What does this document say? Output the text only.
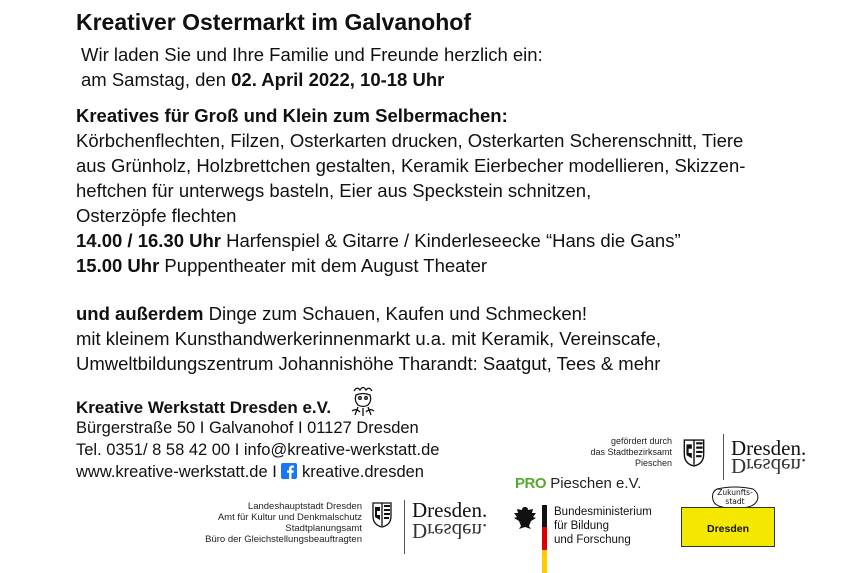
Kreativer Ostermarkt im Galvanohof
Wir laden Sie und Ihre Familie und Freunde herzlich ein:
am Samstag, den 02. April 2022, 10-18 Uhr
Kreatives für Groß und Klein zum Selbermachen:
Körbchenflechten, Filzen, Osterkarten drucken, Osterkarten Scherenschnitt, Tiere
aus Grünholz, Holzbrettchen gestalten, Keramik Eierbecher modellieren, Skizzen-
heftchen für unterwegs basteln, Eier aus Speckstein schnitzen,
Osterzöpfe flechten
14.00 / 16.30 Uhr Harfenspiel & Gitarre / Kinderleseecke “Hans die Gans”
15.00 Uhr Puppentheater mit dem August Theater
und außerdem Dinge zum Schauen, Kaufen und Schmecken!
mit kleinem Kunsthandwerkerinnenmarkt u.a. mit Keramik, Vereinscafe,
Umweltbildungszentrum Johannishöhe Tharandt: Saatgut, Tees & mehr
Kreative Werkstatt Dresden e.V.
Bürgerstraße 50 I Galvanohof I 01127 Dresden
Tel. 0351/ 8 58 42 00 I info@kreative-werkstatt.de
www.kreative-werkstatt.de I kreative.dresden
Landeshauptstadt Dresden
Amt für Kultur und Denkmalschutz
Stadtplanungsamt
Büro der Gleichstellungsbeauftragten
Dresden.
Dresden.
gefördert durch
das Stadtbezirksamt
Pieschen
Dresden.
Dresden.
PRO Pieschen e.V.
Bundesministerium
für Bildung
und Forschung
Zukunfts-
stadt
Dresden
